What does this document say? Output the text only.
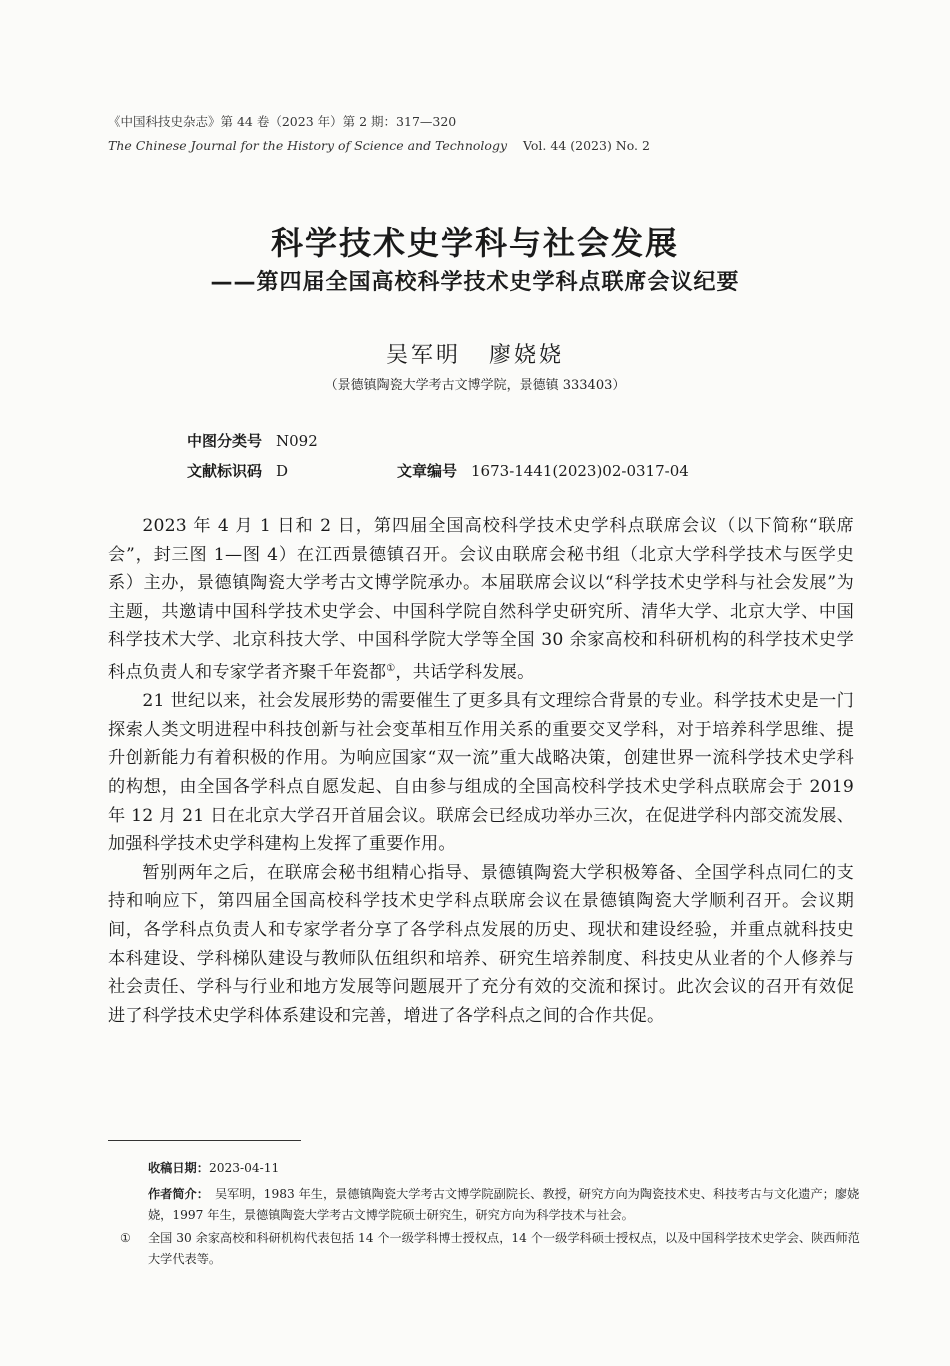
《中国科技史杂志》第 44 卷（2023 年）第 2 期：317—320
The Chinese Journal for the History of Science and Technology Vol. 44 (2023) No. 2
科学技术史学科与社会发展
——第四届全国高校科学技术史学科点联席会议纪要
吴军明 廖娆娆
（景德镇陶瓷大学考古文博学院，景德镇 333403）
中图分类号 N092
文献标识码 D	文章编号 1673-1441(2023)02-0317-04

2023 年 4 月 1 日和 2 日，第四届全国高校科学技术史学科点联席会议（以下简称“联席会”，封三图 1—图 4）在江西景德镇召开。会议由联席会秘书组（北京大学科学技术与医学史系）主办，景德镇陶瓷大学考古文博学院承办。本届联席会议以“科学技术史学科与社会发展”为主题，共邀请中国科学技术史学会、中国科学院自然科学史研究所、清华大学、北京大学、中国科学技术大学、北京科技大学、中国科学院大学等全国 30 余家高校和科研机构的科学技术史学科点负责人和专家学者齐聚千年瓷都①，共话学科发展。

21 世纪以来，社会发展形势的需要催生了更多具有文理综合背景的专业。科学技术史是一门探索人类文明进程中科技创新与社会变革相互作用关系的重要交叉学科，对于培养科学思维、提升创新能力有着积极的作用。为响应国家“双一流”重大战略决策，创建世界一流科学技术史学科的构想，由全国各学科点自愿发起、自由参与组成的全国高校科学技术史学科点联席会于 2019 年 12 月 21 日在北京大学召开首届会议。联席会已经成功举办三次，在促进学科内部交流发展、加强科学技术史学科建构上发挥了重要作用。

暂别两年之后，在联席会秘书组精心指导、景德镇陶瓷大学积极筹备、全国学科点同仁的支持和响应下，第四届全国高校科学技术史学科点联席会议在景德镇陶瓷大学顺利召开。会议期间，各学科点负责人和专家学者分享了各学科点发展的历史、现状和建设经验，并重点就科技史本科建设、学科梯队建设与教师队伍组织和培养、研究生培养制度、科技史从业者的个人修养与社会责任、学科与行业和地方发展等问题展开了充分有效的交流和探讨。此次会议的召开有效促进了科学技术史学科体系建设和完善，增进了各学科点之间的合作共促。

收稿日期：2023-04-11
作者简介： 吴军明，1983 年生，景德镇陶瓷大学考古文博学院副院长、教授，研究方向为陶瓷技术史、科技考古与文化遗产；廖娆娆，1997 年生，景德镇陶瓷大学考古文博学院硕士研究生，研究方向为科学技术与社会。
① 全国 30 余家高校和科研机构代表包括 14 个一级学科博士授权点，14 个一级学科硕士授权点，以及中国科学技术史学会、陕西师范大学代表等。
